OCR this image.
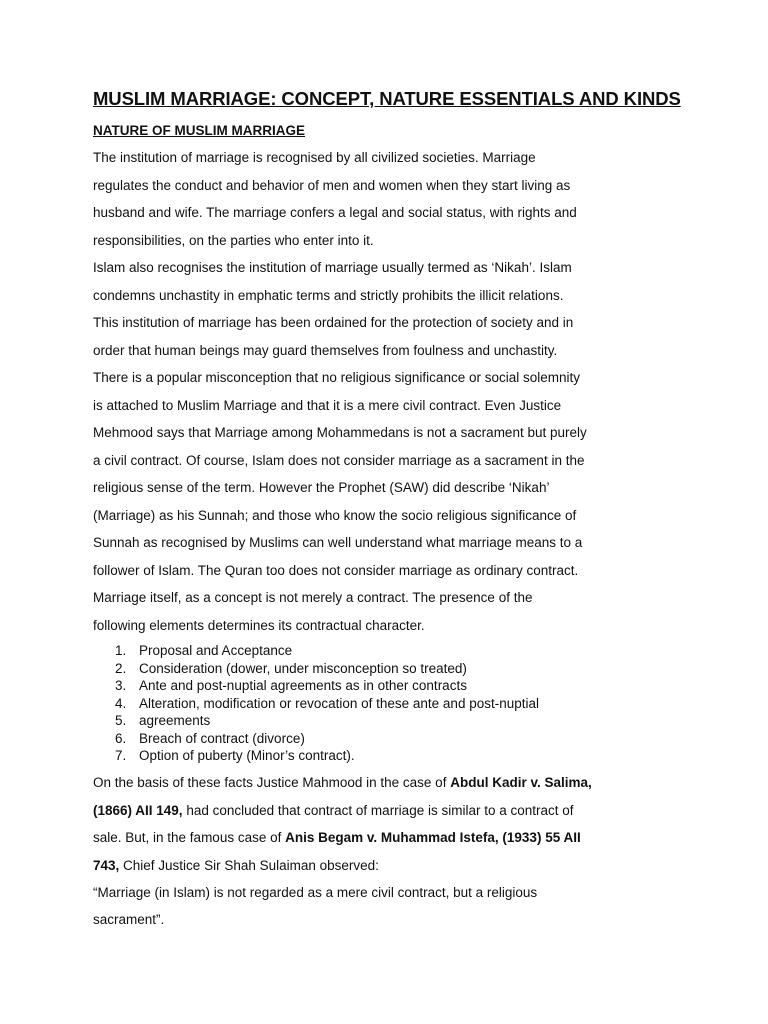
MUSLIM MARRIAGE: CONCEPT, NATURE ESSENTIALS AND KINDS
NATURE OF MUSLIM MARRIAGE
The institution of marriage is recognised by all civilized societies. Marriage
regulates the conduct and behavior of men and women when they start living as
husband and wife. The marriage confers a legal and social status, with rights and
responsibilities, on the parties who enter into it.
Islam also recognises the institution of marriage usually termed as ‘Nikah’. Islam
condemns unchastity in emphatic terms and strictly prohibits the illicit relations.
This institution of marriage has been ordained for the protection of society and in
order that human beings may guard themselves from foulness and unchastity.
There is a popular misconception that no religious significance or social solemnity
is attached to Muslim Marriage and that it is a mere civil contract. Even Justice
Mehmood says that Marriage among Mohammedans is not a sacrament but purely
a civil contract. Of course, Islam does not consider marriage as a sacrament in the
religious sense of the term. However the Prophet (SAW) did describe ‘Nikah’
(Marriage) as his Sunnah; and those who know the socio religious significance of
Sunnah as recognised by Muslims can well understand what marriage means to a
follower of Islam. The Quran too does not consider marriage as ordinary contract.
Marriage itself, as a concept is not merely a contract. The presence of the
following elements determines its contractual character.
1. Proposal and Acceptance
2. Consideration (dower, under misconception so treated)
3. Ante and post-nuptial agreements as in other contracts
4. Alteration, modification or revocation of these ante and post-nuptial
5. agreements
6. Breach of contract (divorce)
7. Option of puberty (Minor’s contract).
On the basis of these facts Justice Mahmood in the case of Abdul Kadir v. Salima,
(1866) AII 149, had concluded that contract of marriage is similar to a contract of
sale. But, in the famous case of Anis Begam v. Muhammad Istefa, (1933) 55 AII
743, Chief Justice Sir Shah Sulaiman observed:
“Marriage (in Islam) is not regarded as a mere civil contract, but a religious
sacrament”.
